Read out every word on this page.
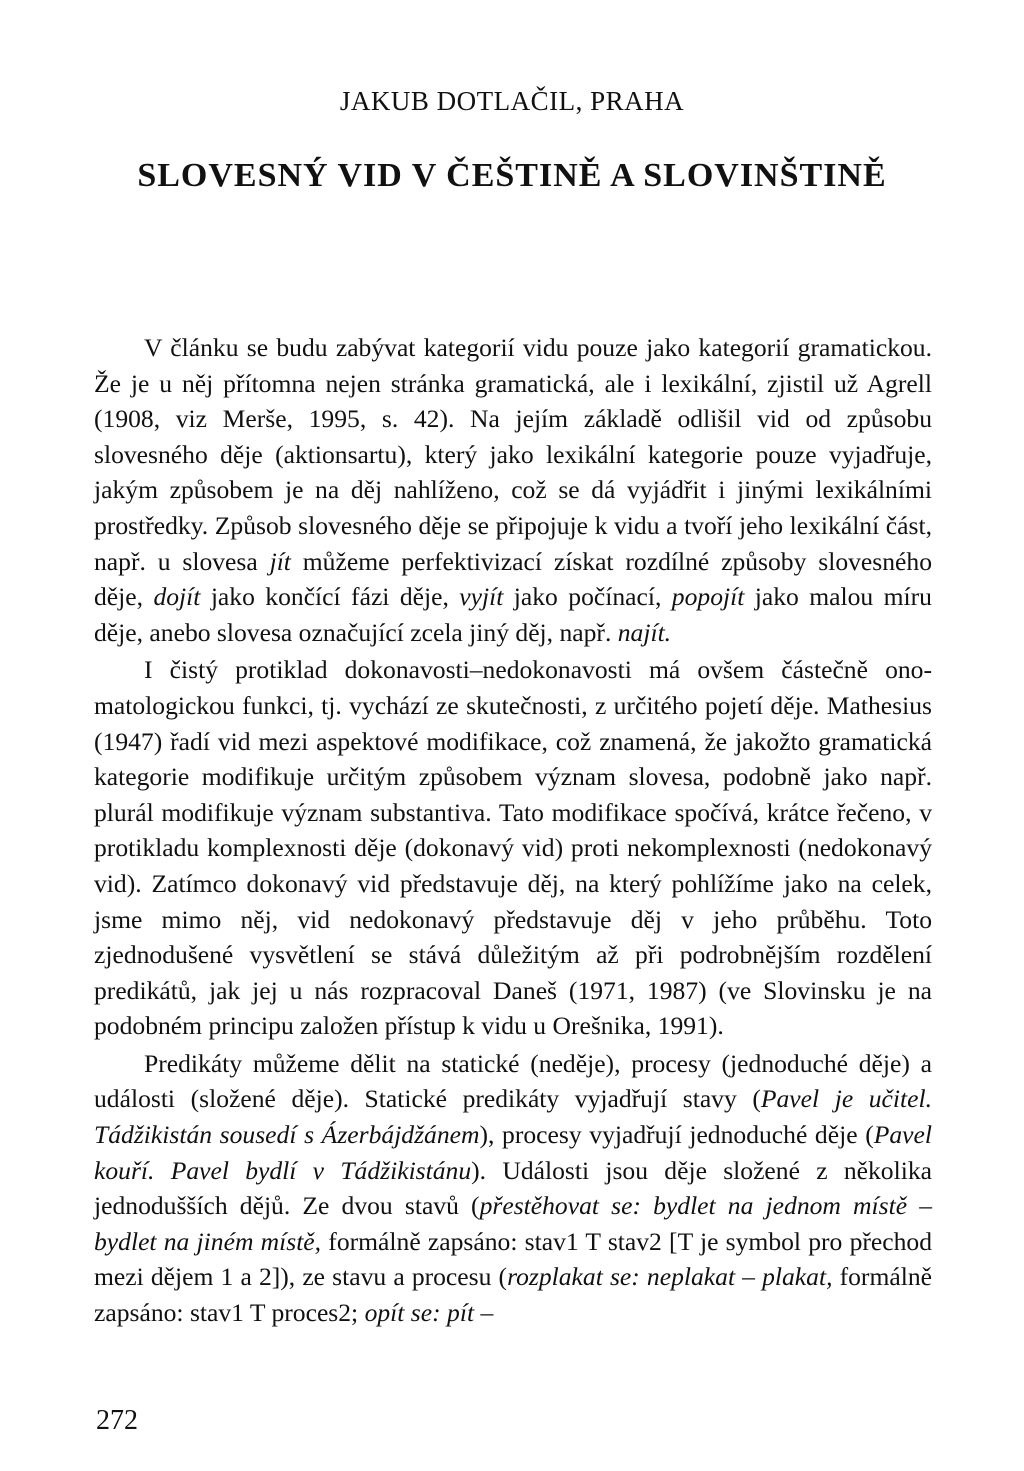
JAKUB DOTLAČIL, PRAHA
SLOVESNÝ VID V ČEŠTINĚ A SLOVINŠTINĚ

V článku se budu zabývat kategorií vidu pouze jako kategorií gramatickou. Že je u něj přítomna nejen stránka gramatická, ale i lexikální, zjistil už Agrell (1908, viz Merše, 1995, s. 42). Na jejím základě odlišil vid od způsobu slovesného děje (aktionsartu), který jako lexikální kategorie pouze vyjadřuje, jakým způsobem je na děj nahlíženo, což se dá vyjádřit i jinými lexikálními prostředky. Způsob slovesného děje se připojuje k vidu a tvoří jeho lexikální část, např. u slovesa jít můžeme perfektivizací získat rozdílné způsoby slovesného děje, dojít jako končící fázi děje, vyjít jako počínací, popojít jako malou míru děje, anebo slovesa označující zcela jiný děj, např. najít.

I čistý protiklad dokonavosti–nedokonavosti má ovšem částečně onomatologickou funkci, tj. vychází ze skutečnosti, z určitého pojetí děje. Mathesius (1947) řadí vid mezi aspektové modifikace, což znamená, že jakožto gramatická kategorie modifikuje určitým způsobem význam slovesa, podobně jako např. plurál modifikuje význam substantiva. Tato modifikace spočívá, krátce řečeno, v protikladu komplexnosti děje (dokonavý vid) proti nekomplexnosti (nedokonavý vid). Zatímco dokonavý vid představuje děj, na který pohlížíme jako na celek, jsme mimo něj, vid nedokonavý představuje děj v jeho průběhu. Toto zjednodušené vysvětlení se stává důležitým až při podrobnějším rozdělení predikátů, jak jej u nás rozpracoval Daneš (1971, 1987) (ve Slovinsku je na podobném principu založen přístup k vidu u Orešnika, 1991).

Predikáty můžeme dělit na statické (neděje), procesy (jednoduché děje) a události (složené děje). Statické predikáty vyjadřují stavy (Pavel je učitel. Tádžikistán sousedí s Ázerbájdžánem), procesy vyjadřují jednoduché děje (Pavel kouří. Pavel bydlí v Tádžikistánu). Události jsou děje složené z několika jednodušších dějů. Ze dvou stavů (přestěhovat se: bydlet na jednom místě – bydlet na jiném místě, formálně zapsáno: stav1 T stav2 [T je symbol pro přechod mezi dějem 1 a 2]), ze stavu a procesu (rozplakat se: neplakat – plakat, formálně zapsáno: stav1 T proces2; opít se: pít –

272
